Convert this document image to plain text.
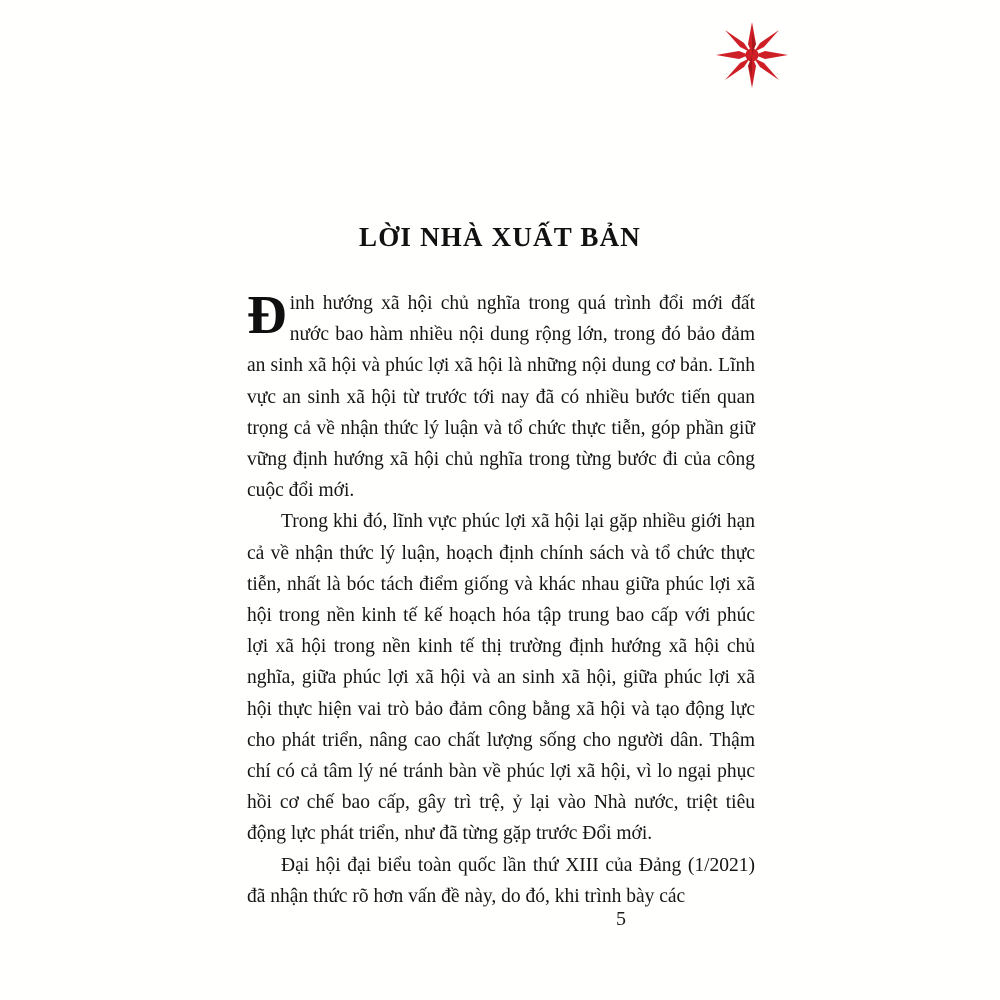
LỜI NHÀ XUẤT BẢN

Đinh hướng xã hội chủ nghĩa trong quá trình đổi mới đất nước bao hàm nhiều nội dung rộng lớn, trong đó bảo đảm an sinh xã hội và phúc lợi xã hội là những nội dung cơ bản. Lĩnh vực an sinh xã hội từ trước tới nay đã có nhiều bước tiến quan trọng cả về nhận thức lý luận và tổ chức thực tiễn, góp phần giữ vững định hướng xã hội chủ nghĩa trong từng bước đi của công cuộc đổi mới.

Trong khi đó, lĩnh vực phúc lợi xã hội lại gặp nhiều giới hạn cả về nhận thức lý luận, hoạch định chính sách và tổ chức thực tiễn, nhất là bóc tách điểm giống và khác nhau giữa phúc lợi xã hội trong nền kinh tế kế hoạch hóa tập trung bao cấp với phúc lợi xã hội trong nền kinh tế thị trường định hướng xã hội chủ nghĩa, giữa phúc lợi xã hội và an sinh xã hội, giữa phúc lợi xã hội thực hiện vai trò bảo đảm công bằng xã hội và tạo động lực cho phát triển, nâng cao chất lượng sống cho người dân. Thậm chí có cả tâm lý né tránh bàn về phúc lợi xã hội, vì lo ngại phục hồi cơ chế bao cấp, gây trì trệ, ỷ lại vào Nhà nước, triệt tiêu động lực phát triển, như đã từng gặp trước Đổi mới.

Đại hội đại biểu toàn quốc lần thứ XIII của Đảng (1/2021) đã nhận thức rõ hơn vấn đề này, do đó, khi trình bày các

5
